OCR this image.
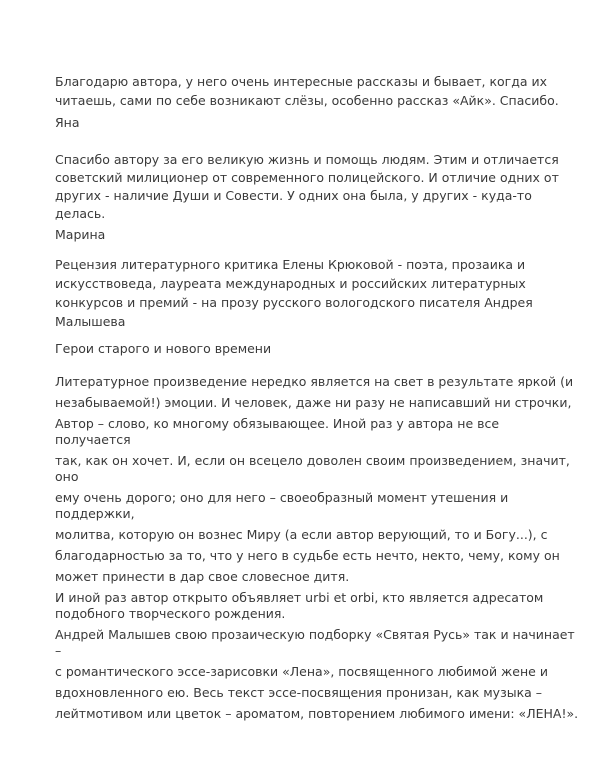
Благодарю автора, у него очень интересные рассказы и бывает, когда их
читаешь, сами по себе возникают слёзы, особенно рассказ «Айк». Спасибо.
Яна
Спасибо автору за его великую жизнь и помощь людям. Этим и отличается
советский милиционер от современного полицейского. И отличие одних от
других - наличие Души и Совести. У одних она была, у других - куда-то
делась.
Марина
Рецензия литературного критика Елены Крюковой - поэта, прозаика и
искусствоведа, лауреата международных и российских литературных
конкурсов и премий - на прозу русского вологодского писателя Андрея
Малышева
Герои старого и нового времени
Литературное произведение нередко является на свет в результате яркой (и
незабываемой!) эмоции. И человек, даже ни разу не написавший ни строчки,
Автор – слово, ко многому обязывающее. Иной раз у автора не все
получается
так, как он хочет. И, если он всецело доволен своим произведением, значит,
оно
ему очень дорого; оно для него – своеобразный момент утешения и
поддержки,
молитва, которую он вознес Миру (а если автор верующий, то и Богу...), с
благодарностью за то, что у него в судьбе есть нечто, некто, чему, кому он
может принести в дар свое словесное дитя.
И иной раз автор открыто объявляет urbi et orbi, кто является адресатом
подобного творческого рождения.
Андрей Малышев свою прозаическую подборку «Святая Русь» так и начинает
–
с романтического эссе-зарисовки «Лена», посвященного любимой жене и
вдохновленного ею. Весь текст эссе-посвящения пронизан, как музыка –
лейтмотивом или цветок – ароматом, повторением любимого имени: «ЛЕНА!».
